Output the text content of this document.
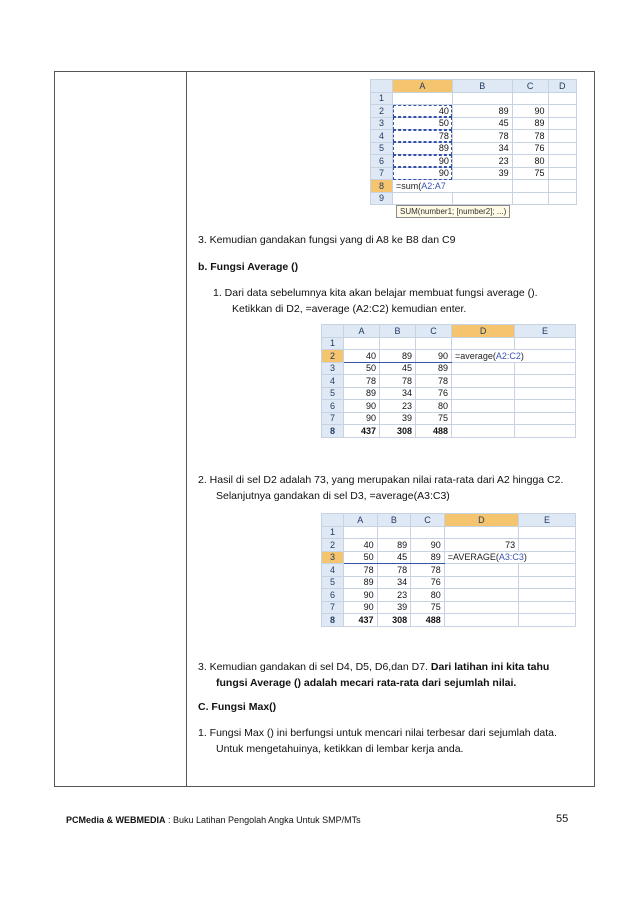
	A	B	C	D
1				
2	40	89	90	
3	50	45	89	
4	78	78	78	
5	89	34	76	
6	90	23	80	
7	90	39	75	
8	=sum(A2:A7			
9				
SUM(number1; [number2]; ...)
3. Kemudian gandakan fungsi yang di A8 ke B8 dan C9
b. Fungsi Average ()
1. Dari data sebelumnya kita akan belajar membuat fungsi average ().
Ketikkan di D2, =average (A2:C2) kemudian enter.
	A	B	C	D	E
1					
2	40	89	90	=average(A2:C2)	
3	50	45	89		
4	78	78	78		
5	89	34	76		
6	90	23	80		
7	90	39	75		
8	437	308	488		
2. Hasil di sel D2 adalah 73, yang merupakan nilai rata-rata dari A2 hingga C2.
Selanjutnya gandakan di sel D3, =average(A3:C3)
	A	B	C	D	E
1					
2	40	89	90	73	
3	50	45	89	=AVERAGE(A3:C3)	
4	78	78	78		
5	89	34	76		
6	90	23	80		
7	90	39	75		
8	437	308	488		
3. Kemudian gandakan di sel D4, D5, D6,dan D7. Dari latihan ini kita tahu
fungsi Average () adalah mecari rata-rata dari sejumlah nilai.
C. Fungsi Max()
1. Fungsi Max () ini berfungsi untuk mencari nilai terbesar dari sejumlah data.
Untuk mengetahuinya, ketikkan di lembar kerja anda.
PCMedia & WEBMEDIA : Buku Latihan Pengolah Angka Untuk SMP/MTs	55
